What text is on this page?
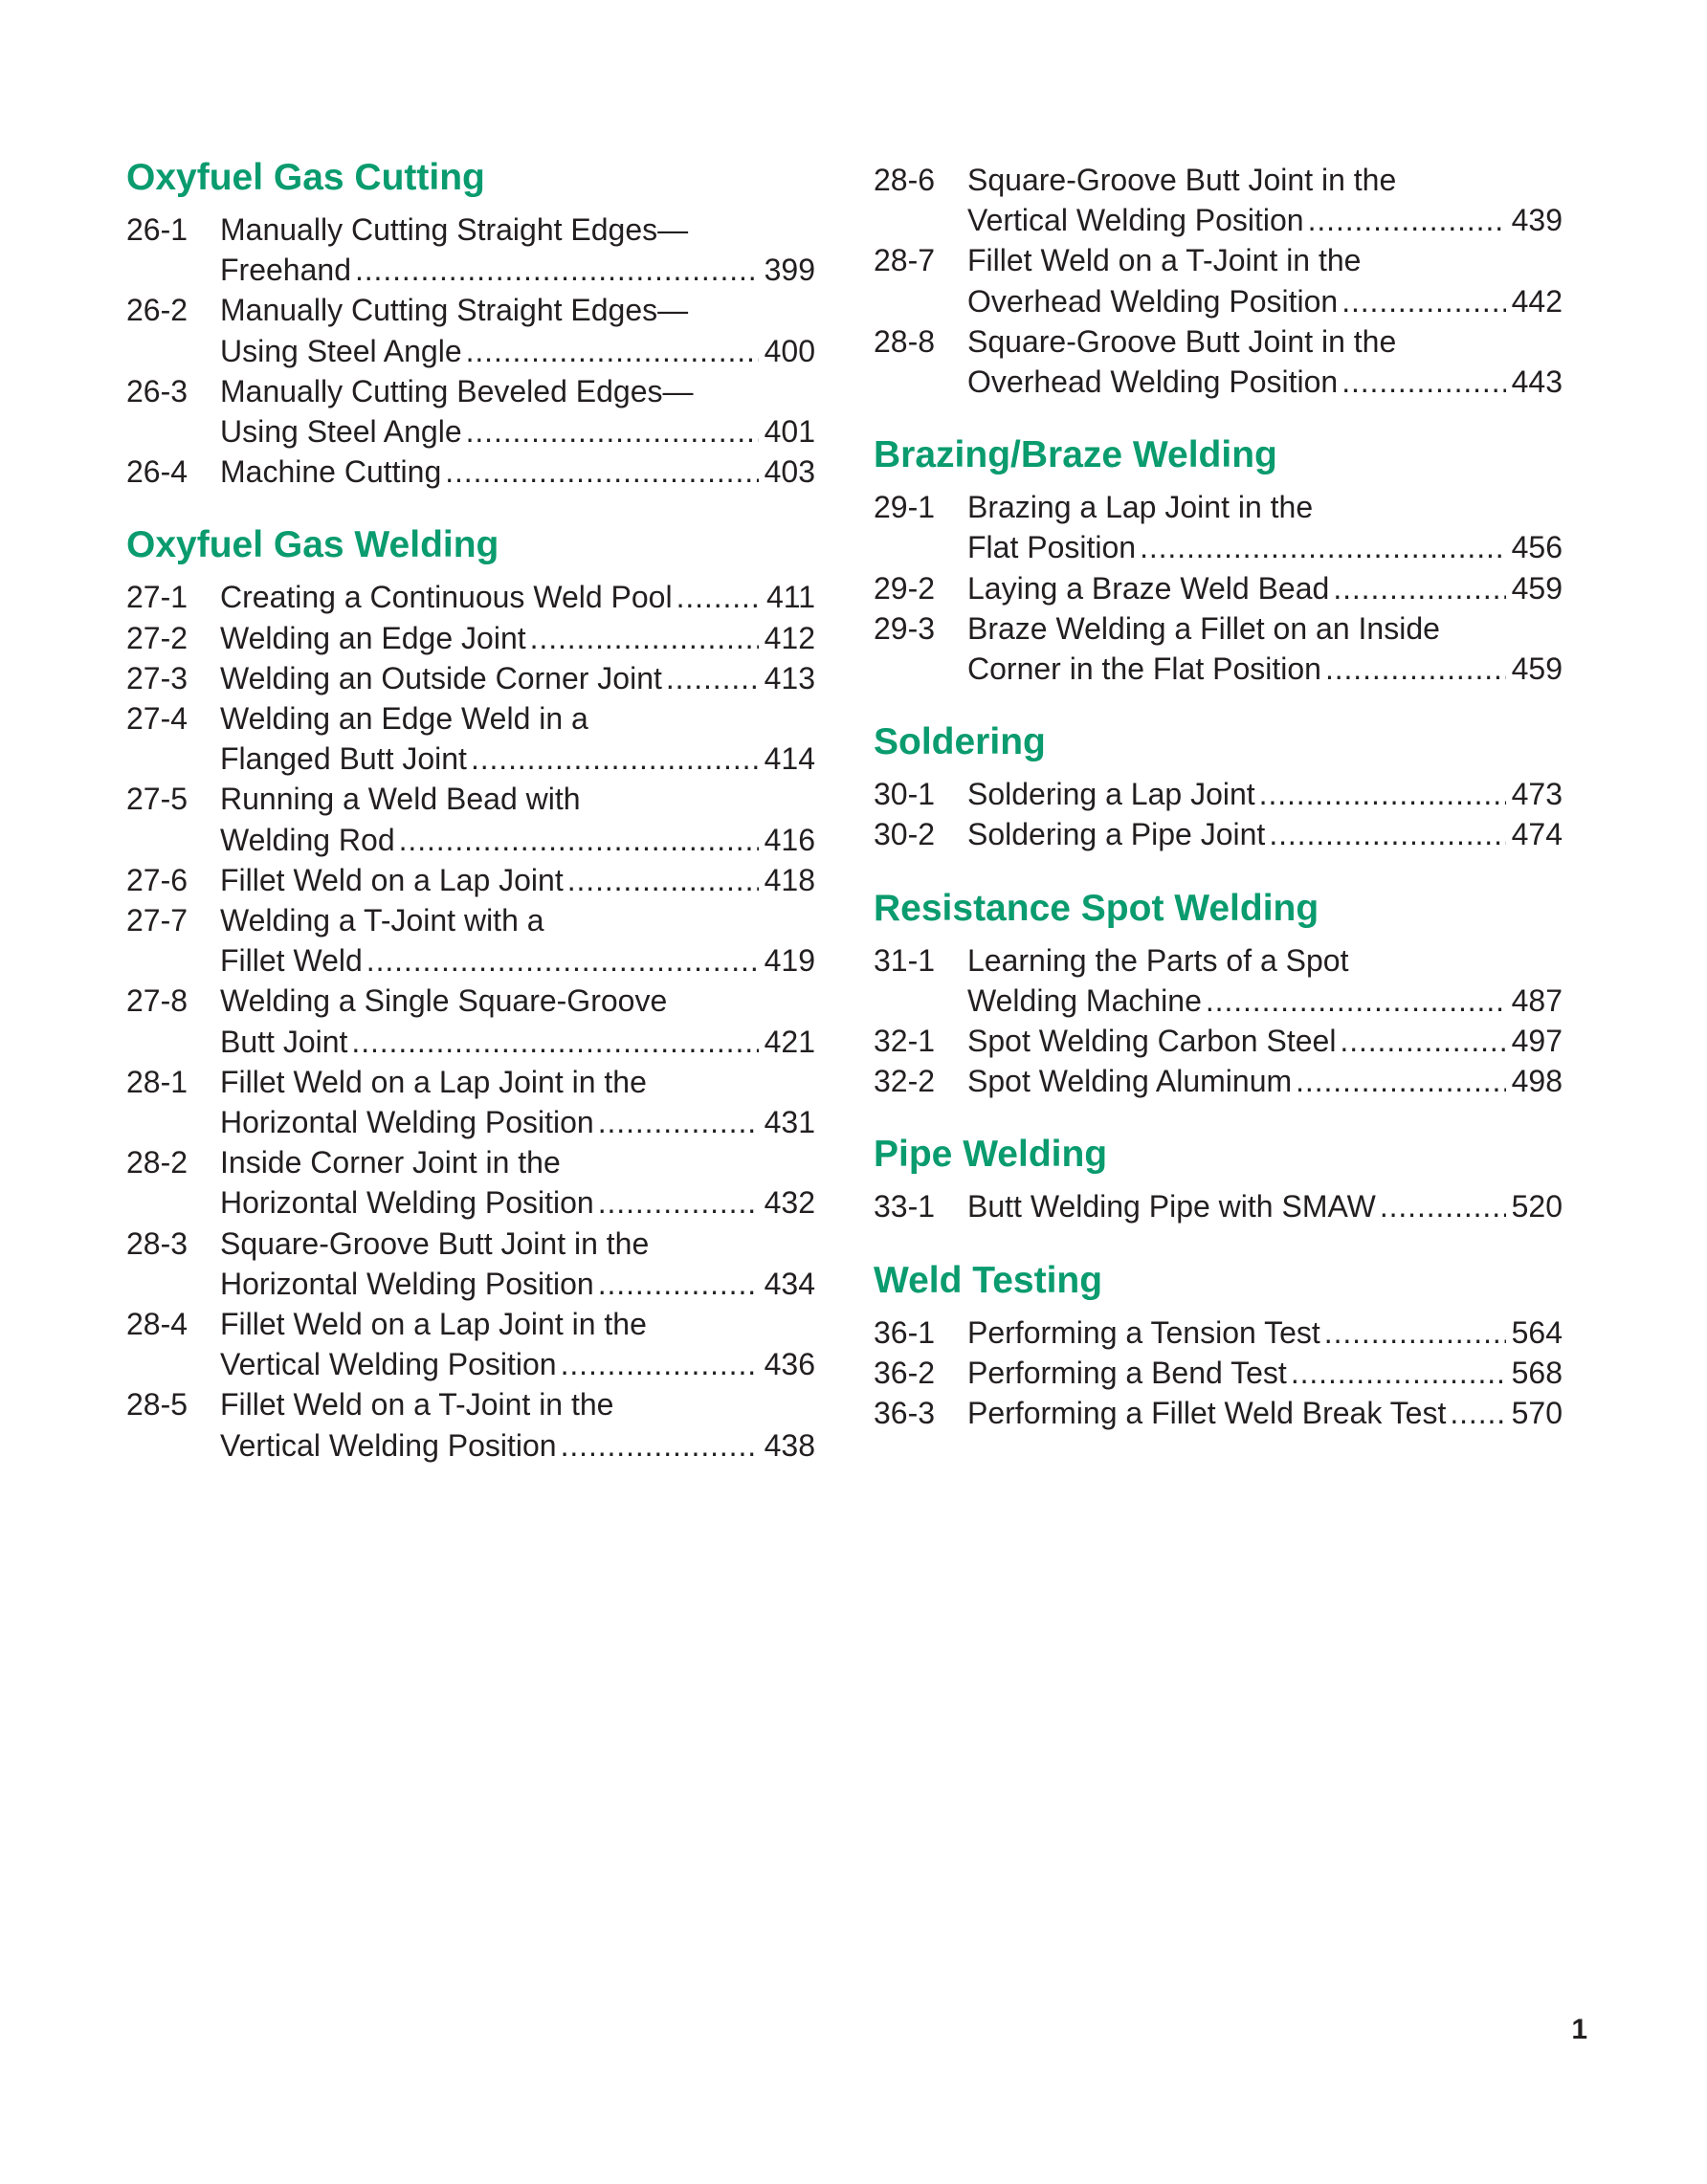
Oxyfuel Gas Cutting
26-1	Manually Cutting Straight Edges—
Freehand . . .	399
26-2	Manually Cutting Straight Edges—
Using Steel Angle . . .	400
26-3	Manually Cutting Beveled Edges—
Using Steel Angle . . .	401
26-4	Machine Cutting . . .	403
Oxyfuel Gas Welding
27-1	Creating a Continuous Weld Pool . . .	411
27-2	Welding an Edge Joint . . .	412
27-3	Welding an Outside Corner Joint . . .	413
27-4	Welding an Edge Weld in a
Flanged Butt Joint . . .	414
27-5	Running a Weld Bead with
Welding Rod . . .	416
27-6	Fillet Weld on a Lap Joint . . .	418
27-7	Welding a T-Joint with a
Fillet Weld . . .	419
27-8	Welding a Single Square-Groove
Butt Joint . . .	421
28-1	Fillet Weld on a Lap Joint in the
Horizontal Welding Position . . .	431
28-2	Inside Corner Joint in the
Horizontal Welding Position . . .	432
28-3	Square-Groove Butt Joint in the
Horizontal Welding Position . . .	434
28-4	Fillet Weld on a Lap Joint in the
Vertical Welding Position . . .	436
28-5	Fillet Weld on a T-Joint in the
Vertical Welding Position . . .	438
28-6	Square-Groove Butt Joint in the
Vertical Welding Position . . .	439
28-7	Fillet Weld on a T-Joint in the
Overhead Welding Position . . .	442
28-8	Square-Groove Butt Joint in the
Overhead Welding Position . . .	443
Brazing/Braze Welding
29-1	Brazing a Lap Joint in the
Flat Position . . .	456
29-2	Laying a Braze Weld Bead . . .	459
29-3	Braze Welding a Fillet on an Inside
Corner in the Flat Position . . .	459
Soldering
30-1	Soldering a Lap Joint . . .	473
30-2	Soldering a Pipe Joint . . .	474
Resistance Spot Welding
31-1	Learning the Parts of a Spot
Welding Machine . . .	487
32-1	Spot Welding Carbon Steel . . .	497
32-2	Spot Welding Aluminum . . .	498
Pipe Welding
33-1	Butt Welding Pipe with SMAW . . .	520
Weld Testing
36-1	Performing a Tension Test . . .	564
36-2	Performing a Bend Test . . .	568
36-3	Performing a Fillet Weld Break Test . . . 570
1
